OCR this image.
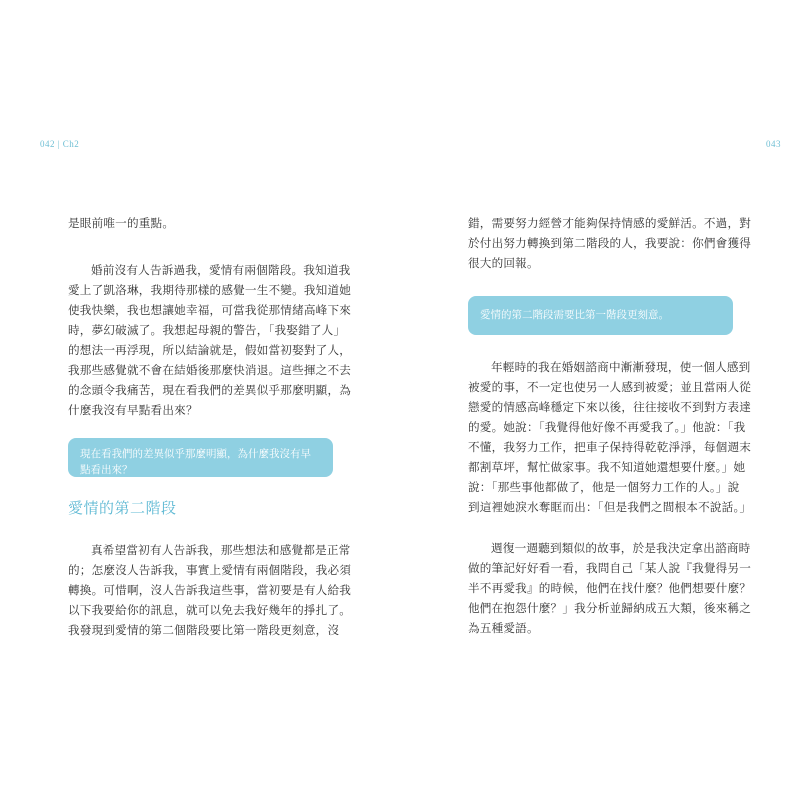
042 | Ch2

是眼前唯一的重點。

婚前沒有人告訴過我，愛情有兩個階段。我知道我
愛上了凱洛琳，我期待那樣的感覺一生不變。我知道她
使我快樂，我也想讓她幸福，可當我從那情緒高峰下來
時，夢幻破滅了。我想起母親的警告，「我娶錯了人」
的想法一再浮現，所以結論就是，假如當初娶對了人，
我那些感覺就不會在結婚後那麼快消退。這些揮之不去
的念頭令我痛苦，現在看我們的差異似乎那麼明顯，為
什麼我沒有早點看出來？

現在看我們的差異似乎那麼明顯，為什麼我沒有早點看出來？
愛情的第二階段

真希望當初有人告訴我，那些想法和感覺都是正常
的；怎麼沒人告訴我，事實上愛情有兩個階段，我必須
轉換。可惜啊，沒人告訴我這些事，當初要是有人給我
以下我要給你的訊息，就可以免去我好幾年的掙扎了。
我發現到愛情的第二個階段要比第一階段更刻意，沒

043

錯，需要努力經營才能夠保持情感的愛鮮活。不過，對
於付出努力轉換到第二階段的人，我要說：你們會獲得
很大的回報。

愛情的第二階段需要比第一階段更刻意。

年輕時的我在婚姻諮商中漸漸發現，使一個人感到
被愛的事，不一定也使另一人感到被愛；並且當兩人從
戀愛的情感高峰穩定下來以後，往往接收不到對方表達
的愛。她說：「我覺得他好像不再愛我了。」他說：「我
不懂，我努力工作，把車子保持得乾乾淨淨，每個週末
都割草坪，幫忙做家事。我不知道她還想要什麼。」她
說：「那些事他都做了，他是一個努力工作的人。」說
到這裡她淚水奪眶而出：「但是我們之間根本不說話。」

週復一週聽到類似的故事，於是我決定拿出諮商時
做的筆記好好看一看，我問自己「某人說『我覺得另一
半不再愛我』的時候，他們在找什麼？他們想要什麼？
他們在抱怨什麼？」我分析並歸納成五大類，後來稱之
為五種愛語。
